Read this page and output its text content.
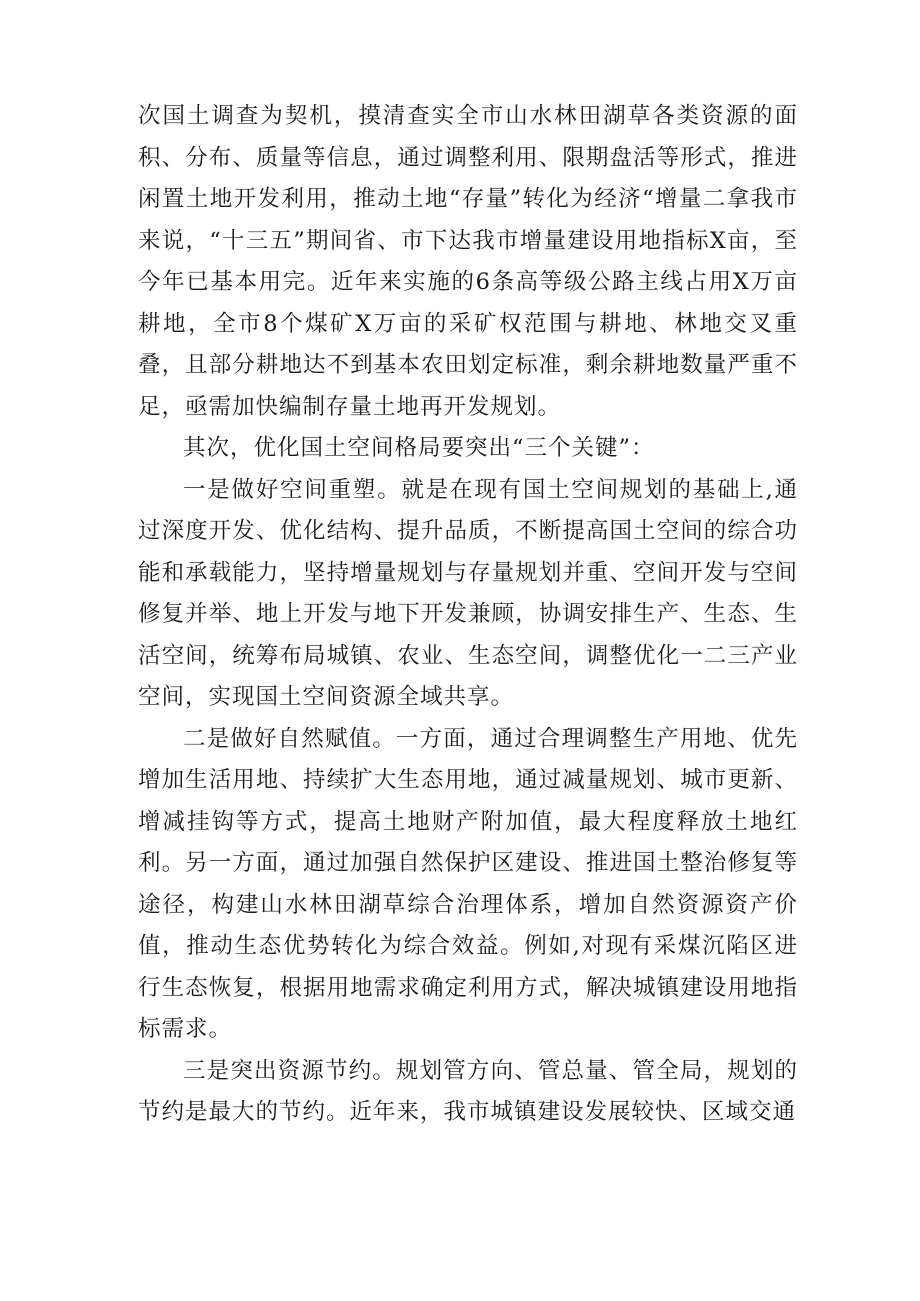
次国土调查为契机，摸清查实全市山水林田湖草各类资源的面积、分布、质量等信息，通过调整利用、限期盘活等形式，推进闲置土地开发利用，推动土地“存量”转化为经济“增量二拿我市来说，“十三五”期间省、市下达我市增量建设用地指标X亩，至今年已基本用完。近年来实施的6条高等级公路主线占用X万亩耕地，全市8个煤矿X万亩的采矿权范围与耕地、林地交叉重叠，且部分耕地达不到基本农田划定标准，剩余耕地数量严重不足，亟需加快编制存量土地再开发规划。

其次，优化国土空间格局要突出“三个关键”：

一是做好空间重塑。就是在现有国土空间规划的基础上,通过深度开发、优化结构、提升品质，不断提高国土空间的综合功能和承载能力，坚持增量规划与存量规划并重、空间开发与空间修复并举、地上开发与地下开发兼顾，协调安排生产、生态、生活空间，统筹布局城镇、农业、生态空间，调整优化一二三产业空间，实现国土空间资源全域共享。

二是做好自然赋值。一方面，通过合理调整生产用地、优先增加生活用地、持续扩大生态用地，通过减量规划、城市更新、增减挂钩等方式，提高土地财产附加值，最大程度释放土地红利。另一方面，通过加强自然保护区建设、推进国土整治修复等途径，构建山水林田湖草综合治理体系，增加自然资源资产价值，推动生态优势转化为综合效益。例如,对现有采煤沉陷区进行生态恢复，根据用地需求确定利用方式，解决城镇建设用地指标需求。

三是突出资源节约。规划管方向、管总量、管全局，规划的节约是最大的节约。近年来，我市城镇建设发展较快、区域交通
